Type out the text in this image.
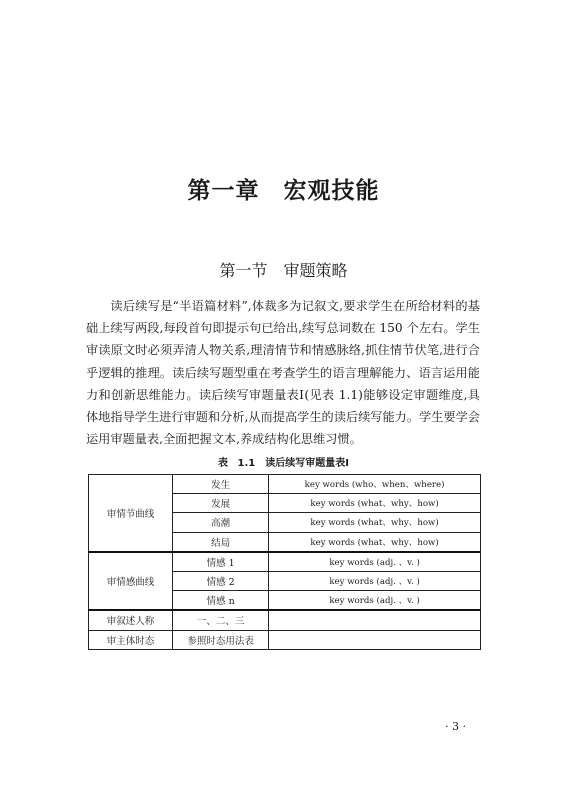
第一章　宏观技能
第一节　审题策略

读后续写是“半语篇材料”,体裁多为记叙文,要求学生在所给材料的基础上续写两段,每段首句即提示句已给出,续写总词数在 150 个左右。学生审读原文时必须弄清人物关系,理清情节和情感脉络,抓住情节伏笔,进行合乎逻辑的推理。读后续写题型重在考查学生的语言理解能力、语言运用能力和创新思维能力。读后续写审题量表Ⅰ(见表 1.1)能够设定审题维度,具体地指导学生进行审题和分析,从而提高学生的读后续写能力。学生要学会运用审题量表,全面把握文本,养成结构化思维习惯。

表 1.1　读后续写审题量表Ⅰ
审情节曲线	发生	key words (who、when、where)
	发展	key words (what、why、how)
	高潮	key words (what、why、how)
	结局	key words (what、why、how)
审情感曲线	情感 1	key words (adj. 、v. )
	情感 2	key words (adj. 、v. )
	情感 n	key words (adj. 、v. )
审叙述人称	一、二、三	
审主体时态	参照时态用法表	
· 3 ·
